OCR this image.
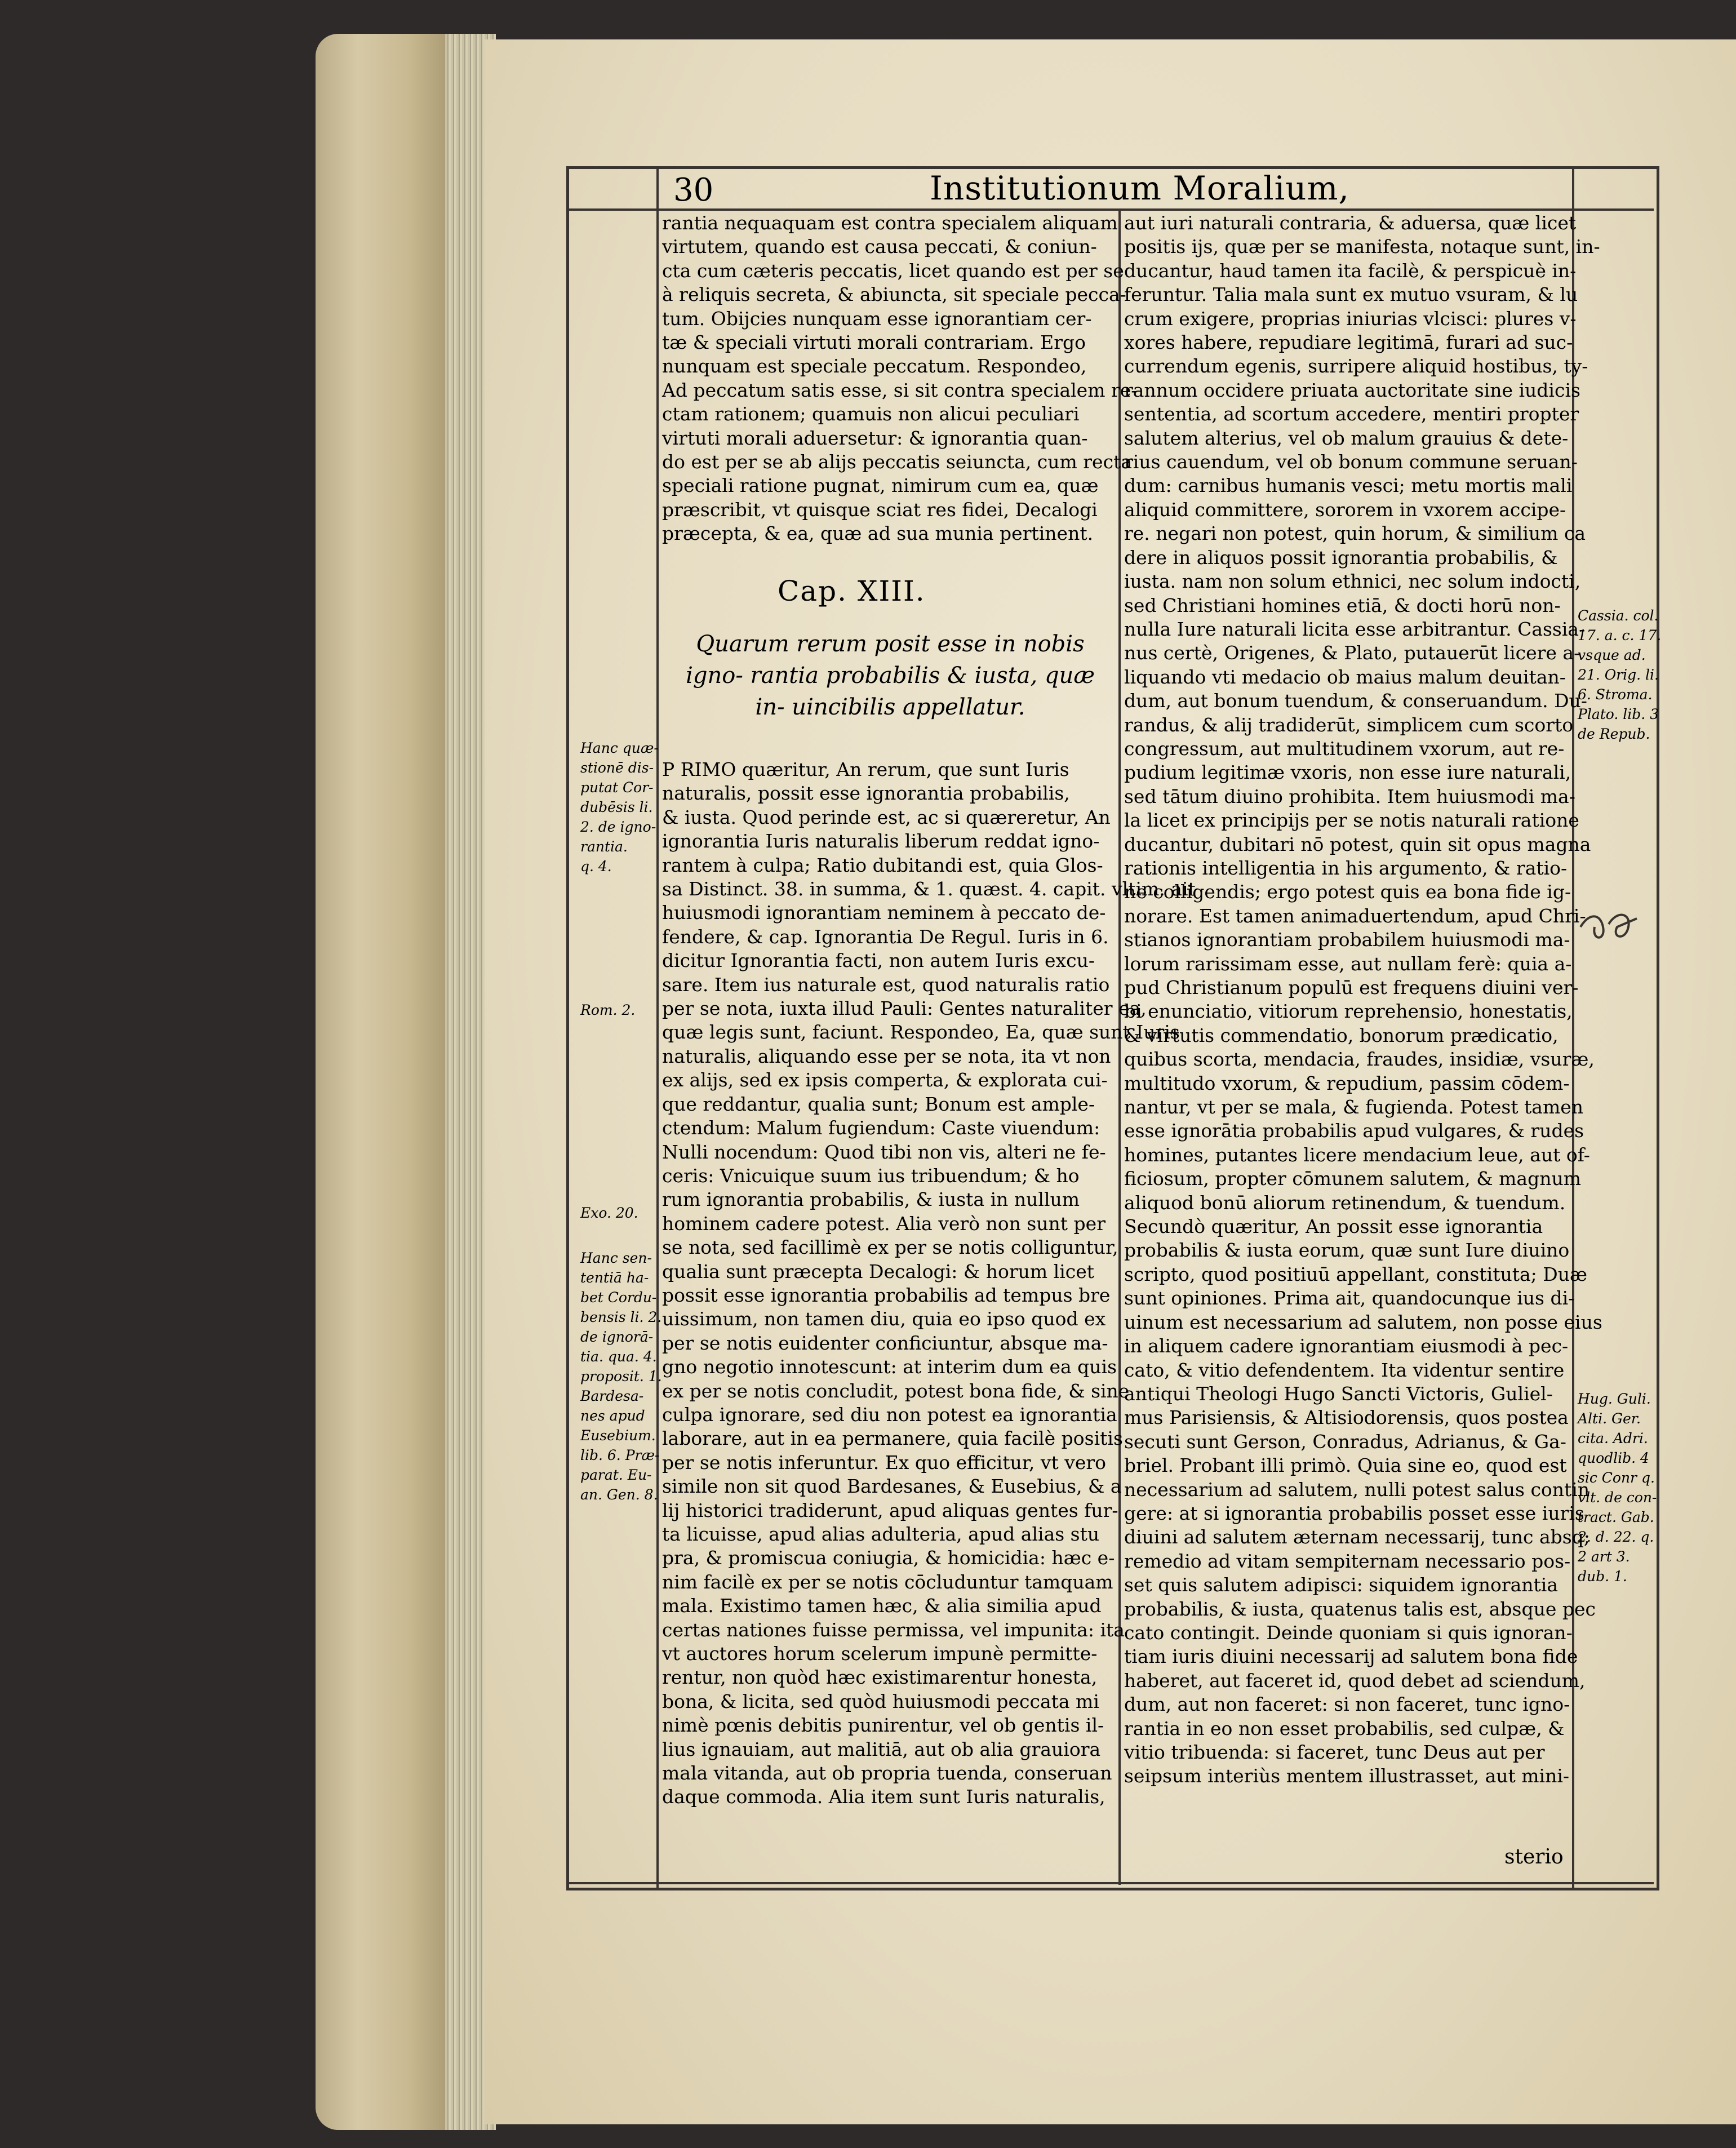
30	Institutionum Moralium,
rantia nequaquam est contra specialem aliquam
virtutem, quando est causa peccati, & coniun-
cta cum cæteris peccatis, licet quando est per se
à reliquis secreta, & abiuncta, sit speciale pecca-
tum. Obijcies nunquam esse ignorantiam cer-
tæ & speciali virtuti morali contrariam. Ergo
nunquam est speciale peccatum. Respondeo,
Ad peccatum satis esse, si sit contra specialem re-
ctam rationem; quamuis non alicui peculiari
virtuti morali aduersetur: & ignorantia quan-
do est per se ab alijs peccatis seiuncta, cum recta
speciali ratione pugnat, nimirum cum ea, quæ
præscribit, vt quisque sciat res fidei, Decalogi
præcepta, & ea, quæ ad sua munia pertinent.
Cap. XIII.
Quarum rerum posit esse in nobis igno- rantia probabilis & iusta, quæ in- uincibilis appellatur.
P RIMO quæritur, An rerum, que sunt Iuris
naturalis, possit esse ignorantia probabilis,
& iusta. Quod perinde est, ac si quæreretur, An
ignorantia Iuris naturalis liberum reddat igno-
rantem à culpa; Ratio dubitandi est, quia Glos-
sa Distinct. 38. in summa, & 1. quæst. 4. capit. vltim. ait
huiusmodi ignorantiam neminem à peccato de-
fendere, & cap. Ignorantia De Regul. Iuris in 6.
dicitur Ignorantia facti, non autem Iuris excu-
sare. Item ius naturale est, quod naturalis ratio
per se nota, iuxta illud Pauli: Gentes naturaliter ea,
quæ legis sunt, faciunt. Respondeo, Ea, quæ sunt Iuris
naturalis, aliquando esse per se nota, ita vt non
ex alijs, sed ex ipsis comperta, & explorata cui-
que reddantur, qualia sunt; Bonum est ample-
ctendum: Malum fugiendum: Caste viuendum:
Nulli nocendum: Quod tibi non vis, alteri ne fe-
ceris: Vnicuique suum ius tribuendum; & ho
rum ignorantia probabilis, & iusta in nullum
hominem cadere potest. Alia verò non sunt per
se nota, sed facillimè ex per se notis colliguntur,
qualia sunt præcepta Decalogi: & horum licet
possit esse ignorantia probabilis ad tempus bre
uissimum, non tamen diu, quia eo ipso quod ex
per se notis euidenter conficiuntur, absque ma-
gno negotio innotescunt: at interim dum ea quis
ex per se notis concludit, potest bona fide, & sine
culpa ignorare, sed diu non potest ea ignorantia
laborare, aut in ea permanere, quia facilè positis
per se notis inferuntur. Ex quo efficitur, vt vero
simile non sit quod Bardesanes, & Eusebius, & a
lij historici tradiderunt, apud aliquas gentes fur-
ta licuisse, apud alias adulteria, apud alias stu
pra, & promiscua coniugia, & homicidia: hæc e-
nim facilè ex per se notis cōcluduntur tamquam
mala. Existimo tamen hæc, & alia similia apud
certas nationes fuisse permissa, vel impunita: ita
vt auctores horum scelerum impunè permitte-
rentur, non quòd hæc existimarentur honesta,
bona, & licita, sed quòd huiusmodi peccata mi
nimè pœnis debitis punirentur, vel ob gentis il-
lius ignauiam, aut malitiā, aut ob alia grauiora
mala vitanda, aut ob propria tuenda, conseruan
daque commoda. Alia item sunt Iuris naturalis,
aut iuri naturali contraria, & aduersa, quæ licet
positis ijs, quæ per se manifesta, notaque sunt, in-
ducantur, haud tamen ita facilè, & perspicuè in-
feruntur. Talia mala sunt ex mutuo vsuram, & lu
crum exigere, proprias iniurias vlcisci: plures v-
xores habere, repudiare legitimā, furari ad suc-
currendum egenis, surripere aliquid hostibus, ty-
rannum occidere priuata auctoritate sine iudicis
sententia, ad scortum accedere, mentiri propter
salutem alterius, vel ob malum grauius & dete-
rius cauendum, vel ob bonum commune seruan-
dum: carnibus humanis vesci; metu mortis mali
aliquid committere, sororem in vxorem accipe-
re. negari non potest, quin horum, & similium ca
dere in aliquos possit ignorantia probabilis, &
iusta. nam non solum ethnici, nec solum indocti,
sed Christiani homines etiā, & docti horū non-
nulla Iure naturali licita esse arbitrantur. Cassia-
nus certè, Origenes, & Plato, putauerūt licere a-
liquando vti medacio ob maius malum deuitan-
dum, aut bonum tuendum, & conseruandum. Du-
randus, & alij tradiderūt, simplicem cum scorto
congressum, aut multitudinem vxorum, aut re-
pudium legitimæ vxoris, non esse iure naturali,
sed tātum diuino prohibita. Item huiusmodi ma-
la licet ex principijs per se notis naturali ratione
ducantur, dubitari nō potest, quin sit opus magna
rationis intelligentia in his argumento, & ratio-
ne colligendis; ergo potest quis ea bona fide ig-
norare. Est tamen animaduertendum, apud Chri-
stianos ignorantiam probabilem huiusmodi ma-
lorum rarissimam esse, aut nullam ferè: quia a-
pud Christianum populū est frequens diuini ver-
bi enunciatio, vitiorum reprehensio, honestatis,
& virtutis commendatio, bonorum prædicatio,
quibus scorta, mendacia, fraudes, insidiæ, vsuræ,
multitudo vxorum, & repudium, passim cōdem-
nantur, vt per se mala, & fugienda. Potest tamen
esse ignorātia probabilis apud vulgares, & rudes
homines, putantes licere mendacium leue, aut of-
ficiosum, propter cōmunem salutem, & magnum
aliquod bonū aliorum retinendum, & tuendum.
Secundò quæritur, An possit esse ignorantia
probabilis & iusta eorum, quæ sunt Iure diuino
scripto, quod positiuū appellant, constituta; Duæ
sunt opiniones. Prima ait, quandocunque ius di-
uinum est necessarium ad salutem, non posse eius
in aliquem cadere ignorantiam eiusmodi à pec-
cato, & vitio defendentem. Ita videntur sentire
antiqui Theologi Hugo Sancti Victoris, Guliel-
mus Parisiensis, & Altisiodorensis, quos postea
secuti sunt Gerson, Conradus, Adrianus, & Ga-
briel. Probant illi primò. Quia sine eo, quod est
necessarium ad salutem, nulli potest salus contin
gere: at si ignorantia probabilis posset esse iuris
diuini ad salutem æternam necessarij, tunc absq;
remedio ad vitam sempiternam necessario pos-
set quis salutem adipisci: siquidem ignorantia
probabilis, & iusta, quatenus talis est, absque pec
cato contingit. Deinde quoniam si quis ignoran-
tiam iuris diuini necessarij ad salutem bona fide
haberet, aut faceret id, quod debet ad sciendum,
dum, aut non faceret: si non faceret, tunc igno-
rantia in eo non esset probabilis, sed culpæ, &
vitio tribuenda: si faceret, tunc Deus aut per
seipsum interiùs mentem illustrasset, aut mini-
Hanc quæ-
stionē dis-
putat Cor-
dubēsis li.
2. de igno-
rantia.
q. 4.
Rom. 2.
Exo. 20.
Hanc sen-
tentiā ha-
bet Cordu-
bensis li. 2.
de ignorā-
tia. qua. 4.
proposit. 1.
Bardesa-
nes apud
Eusebium.
lib. 6. Præ-
parat. Eu-
an. Gen. 8.
Cassia. col.
17. a. c. 17.
vsque ad.
21. Orig. li.
6. Stroma.
Plato. lib. 3
de Repub.
Hug. Guli.
Alti. Ger.
cita. Adri.
quodlib. 4
sic Conr q.
vlt. de con-
tract. Gab.
2. d. 22. q.
2 art 3.
dub. 1.
sterio
